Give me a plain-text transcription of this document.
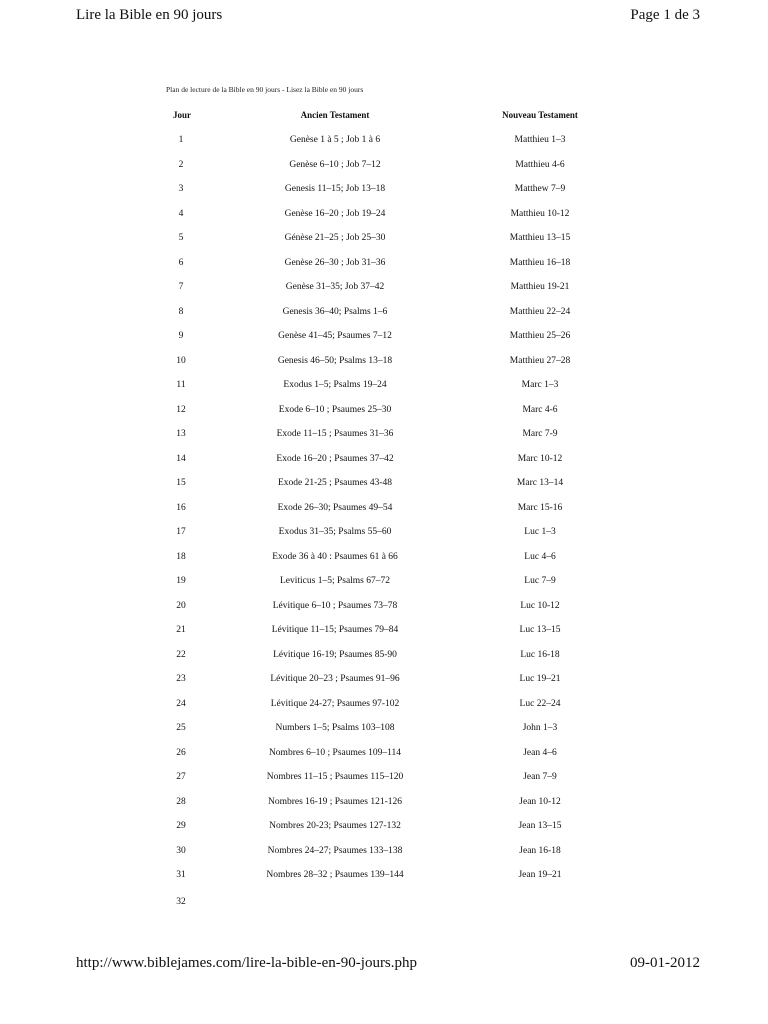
Lire la Bible en 90 jours	Page 1 de 3
Plan de lecture de la Bible en 90 jours - Lisez la Bible en 90 jours
Jour	Ancien Testament	Nouveau Testament
1	Genèse 1 à 5 ; Job 1 à 6	Matthieu 1–3
2	Genèse 6–10 ; Job 7–12	Matthieu 4-6
3	Genesis 11–15; Job 13–18	Matthew 7–9
4	Genèse 16–20 ; Job 19–24	Matthieu 10-12
5	Génèse 21–25 ; Job 25–30	Matthieu 13–15
6	Genèse 26–30 ; Job 31–36	Matthieu 16–18
7	Genèse 31–35; Job 37–42	Matthieu 19-21
8	Genesis 36–40; Psalms 1–6	Matthieu 22–24
9	Genèse 41–45; Psaumes 7–12	Matthieu 25–26
10	Genesis 46–50; Psalms 13–18	Matthieu 27–28
11	Exodus 1–5; Psalms 19–24	Marc 1–3
12	Exode 6–10 ; Psaumes 25–30	Marc 4-6
13	Exode 11–15 ; Psaumes 31–36	Marc 7-9
14	Exode 16–20 ; Psaumes 37–42	Marc 10-12
15	Exode 21-25 ; Psaumes 43-48	Marc 13–14
16	Exode 26–30; Psaumes 49–54	Marc 15-16
17	Exodus 31–35; Psalms 55–60	Luc 1–3
18	Exode 36 à 40 : Psaumes 61 à 66	Luc 4–6
19	Leviticus 1–5; Psalms 67–72	Luc 7–9
20	Lévitique 6–10 ; Psaumes 73–78	Luc 10-12
21	Lévitique 11–15; Psaumes 79–84	Luc 13–15
22	Lévitique 16-19; Psaumes 85-90	Luc 16-18
23	Lévitique 20–23 ; Psaumes 91–96	Luc 19–21
24	Lévitique 24-27; Psaumes 97-102	Luc 22–24
25	Numbers 1–5; Psalms 103–108	John 1–3
26	Nombres 6–10 ; Psaumes 109–114	Jean 4–6
27	Nombres 11–15 ; Psaumes 115–120	Jean 7–9
28	Nombres 16-19 ; Psaumes 121-126	Jean 10-12
29	Nombres 20-23; Psaumes 127-132	Jean 13–15
30	Nombres 24–27; Psaumes 133–138	Jean 16-18
31	Nombres 28–32 ; Psaumes 139–144	Jean 19–21
32
http://www.biblejames.com/lire-la-bible-en-90-jours.php	09-01-2012
